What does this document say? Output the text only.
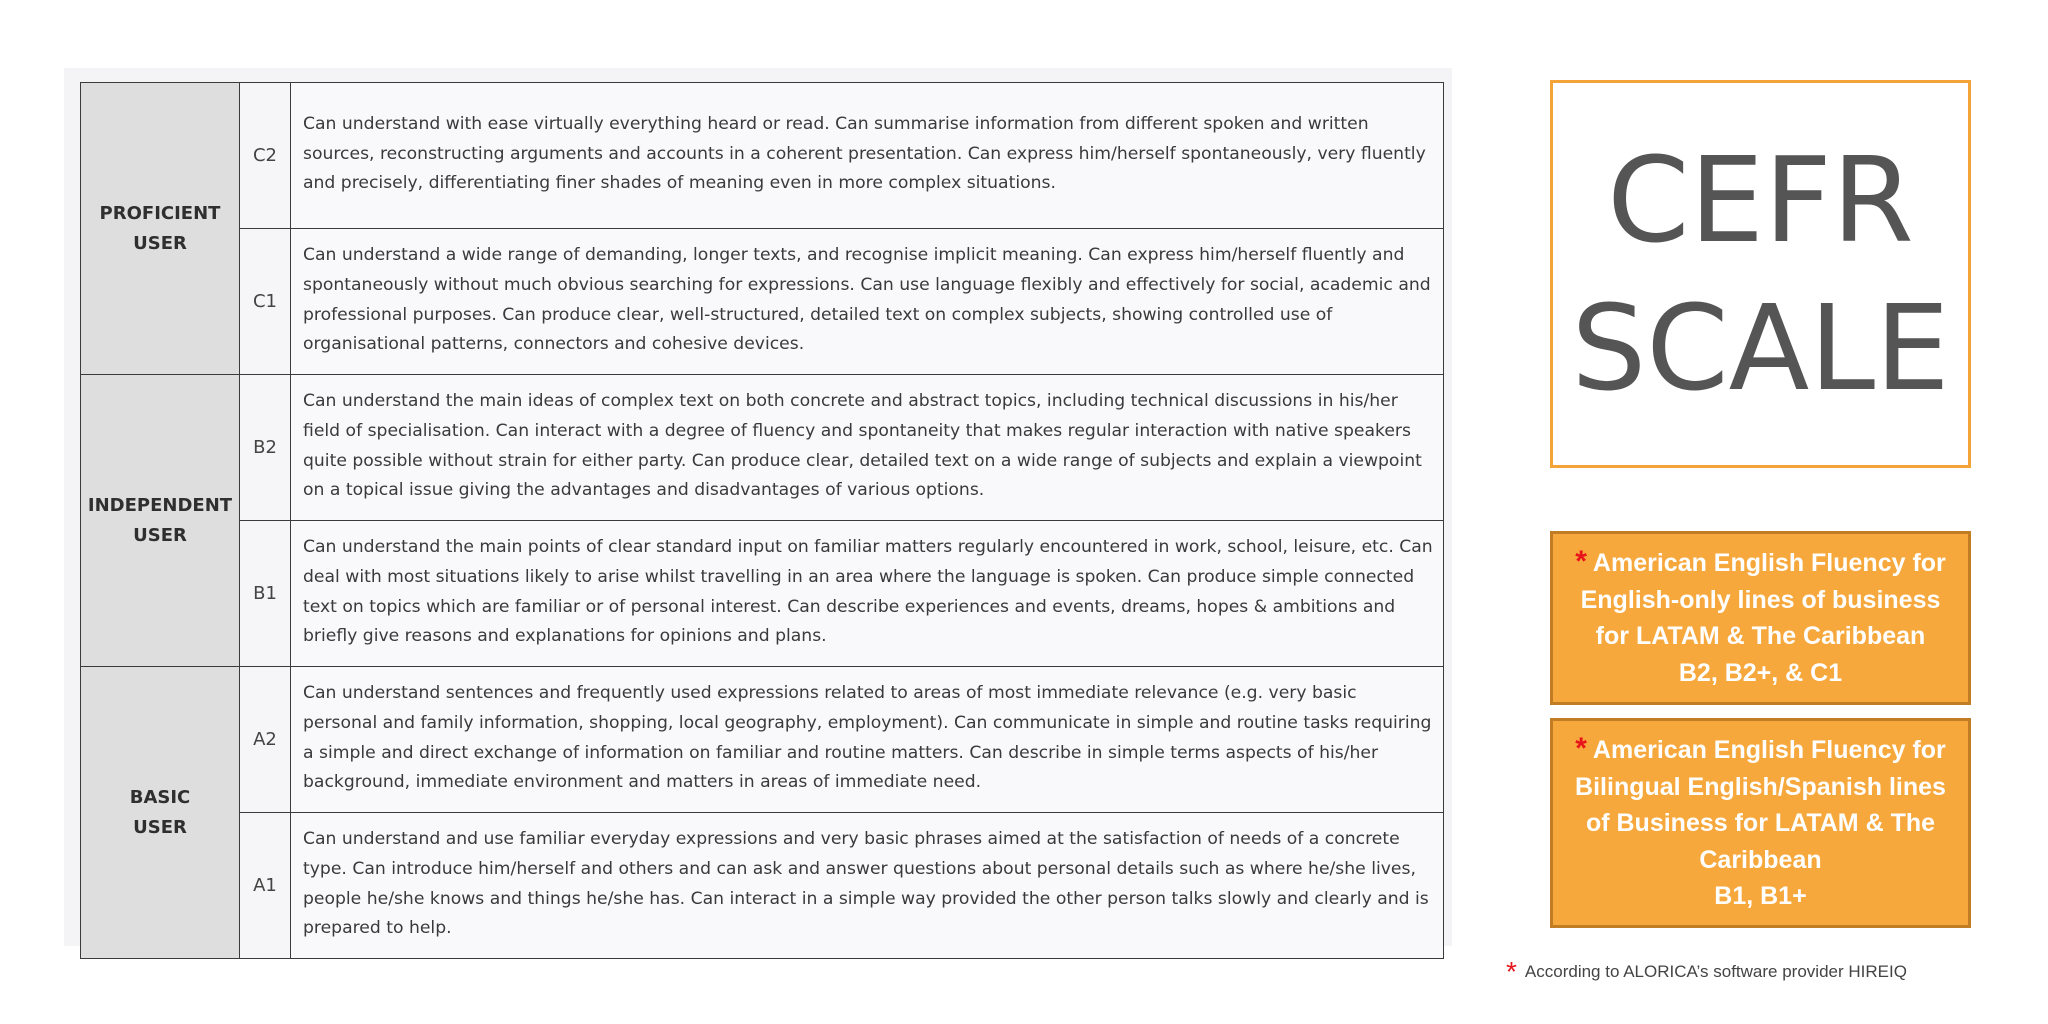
PROFICIENT
USER	C2	Can understand with ease virtually everything heard or read. Can summarise information from different spoken and written sources, reconstructing arguments and accounts in a coherent presentation. Can express him/herself spontaneously, very fluently and precisely, differentiating finer shades of meaning even in more complex situations.
	C1	Can understand a wide range of demanding, longer texts, and recognise implicit meaning. Can express him/herself fluently and spontaneously without much obvious searching for expressions. Can use language flexibly and effectively for social, academic and professional purposes. Can produce clear, well-structured, detailed text on complex subjects, showing controlled use of organisational patterns, connectors and cohesive devices.

INDEPENDENT
USER	B2	Can understand the main ideas of complex text on both concrete and abstract topics, including technical discussions in his/her field of specialisation. Can interact with a degree of fluency and spontaneity that makes regular interaction with native speakers quite possible without strain for either party. Can produce clear, detailed text on a wide range of subjects and explain a viewpoint on a topical issue giving the advantages and disadvantages of various options.
	B1	Can understand the main points of clear standard input on familiar matters regularly encountered in work, school, leisure, etc. Can deal with most situations likely to arise whilst travelling in an area where the language is spoken. Can produce simple connected text on topics which are familiar or of personal interest. Can describe experiences and events, dreams, hopes & ambitions and briefly give reasons and explanations for opinions and plans.

BASIC
USER	A2	Can understand sentences and frequently used expressions related to areas of most immediate relevance (e.g. very basic personal and family information, shopping, local geography, employment). Can communicate in simple and routine tasks requiring a simple and direct exchange of information on familiar and routine matters. Can describe in simple terms aspects of his/her background, immediate environment and matters in areas of immediate need.
	A1	Can understand and use familiar everyday expressions and very basic phrases aimed at the satisfaction of needs of a concrete type. Can introduce him/herself and others and can ask and answer questions about personal details such as where he/she lives, people he/she knows and things he/she has. Can interact in a simple way provided the other person talks slowly and clearly and is prepared to help.
CEFR
SCALE
* American English Fluency for
English-only lines of business
for LATAM & The Caribbean
B2, B2+, & C1
* American English Fluency for
Bilingual English/Spanish lines
of Business for LATAM & The
Caribbean
B1, B1+
* According to ALORICA’s software provider HIREIQ
